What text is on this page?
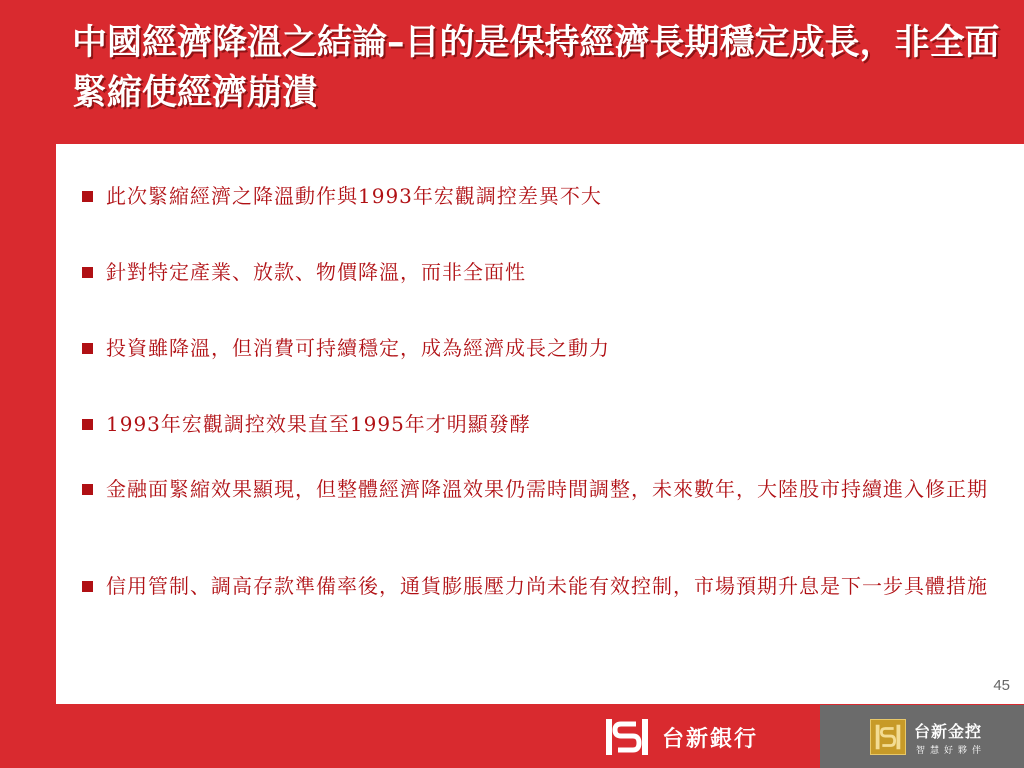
中國經濟降溫之結論–目的是保持經濟長期穩定成長，非全面緊縮使經濟崩潰
此次緊縮經濟之降溫動作與1993年宏觀調控差異不大
針對特定產業、放款、物價降溫，而非全面性
投資雖降溫，但消費可持續穩定，成為經濟成長之動力
1993年宏觀調控效果直至1995年才明顯發酵
金融面緊縮效果顯現，但整體經濟降溫效果仍需時間調整，未來數年，大陸股市持續進入修正期
信用管制、調高存款準備率後，通貨膨脹壓力尚未能有效控制，市場預期升息是下一步具體措施
45
台新銀行	台新金控
智慧好夥伴
